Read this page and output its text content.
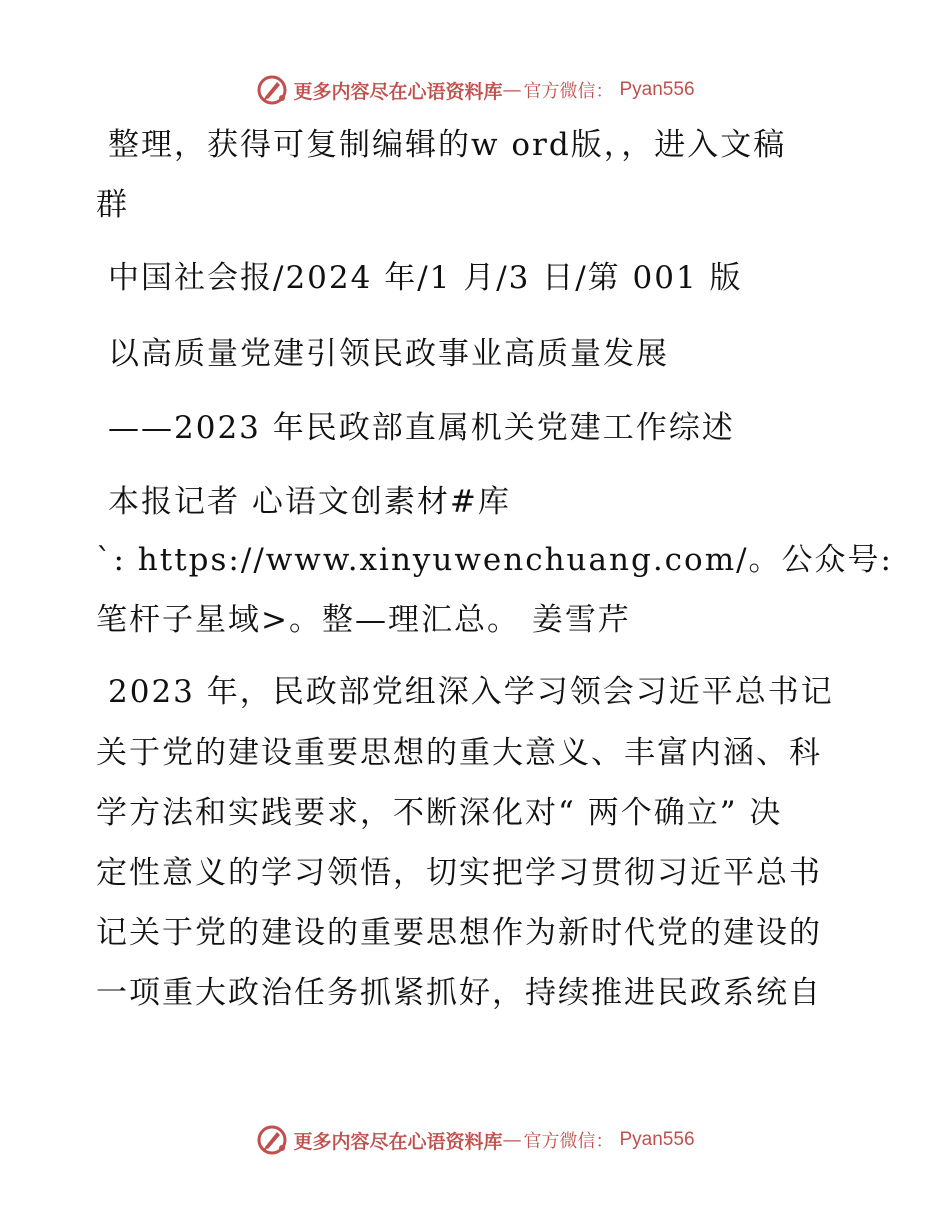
更多内容尽在心语资料库 — 官方微信： Pyan556
整理，获得可复制编辑的w ord版，，进入文稿
群
中国社会报/2024 年/1 月/3 日/第 001 版
以高质量党建引领民政事业高质量发展
——2023 年民政部直属机关党建工作综述
本报记者 心语文创素材#库
`: https://www.xinyuwenchuang.com/。公众号:
笔杆子星域>。整—理汇总。 姜雪芹
2023 年，民政部党组深入学习领会习近平总书记
关于党的建设重要思想的重大意义、丰富内涵、科
学方法和实践要求，不断深化对“ 两个确立” 决
定性意义的学习领悟，切实把学习贯彻习近平总书
记关于党的建设的重要思想作为新时代党的建设的
一项重大政治任务抓紧抓好，持续推进民政系统自
更多内容尽在心语资料库 — 官方微信： Pyan556
